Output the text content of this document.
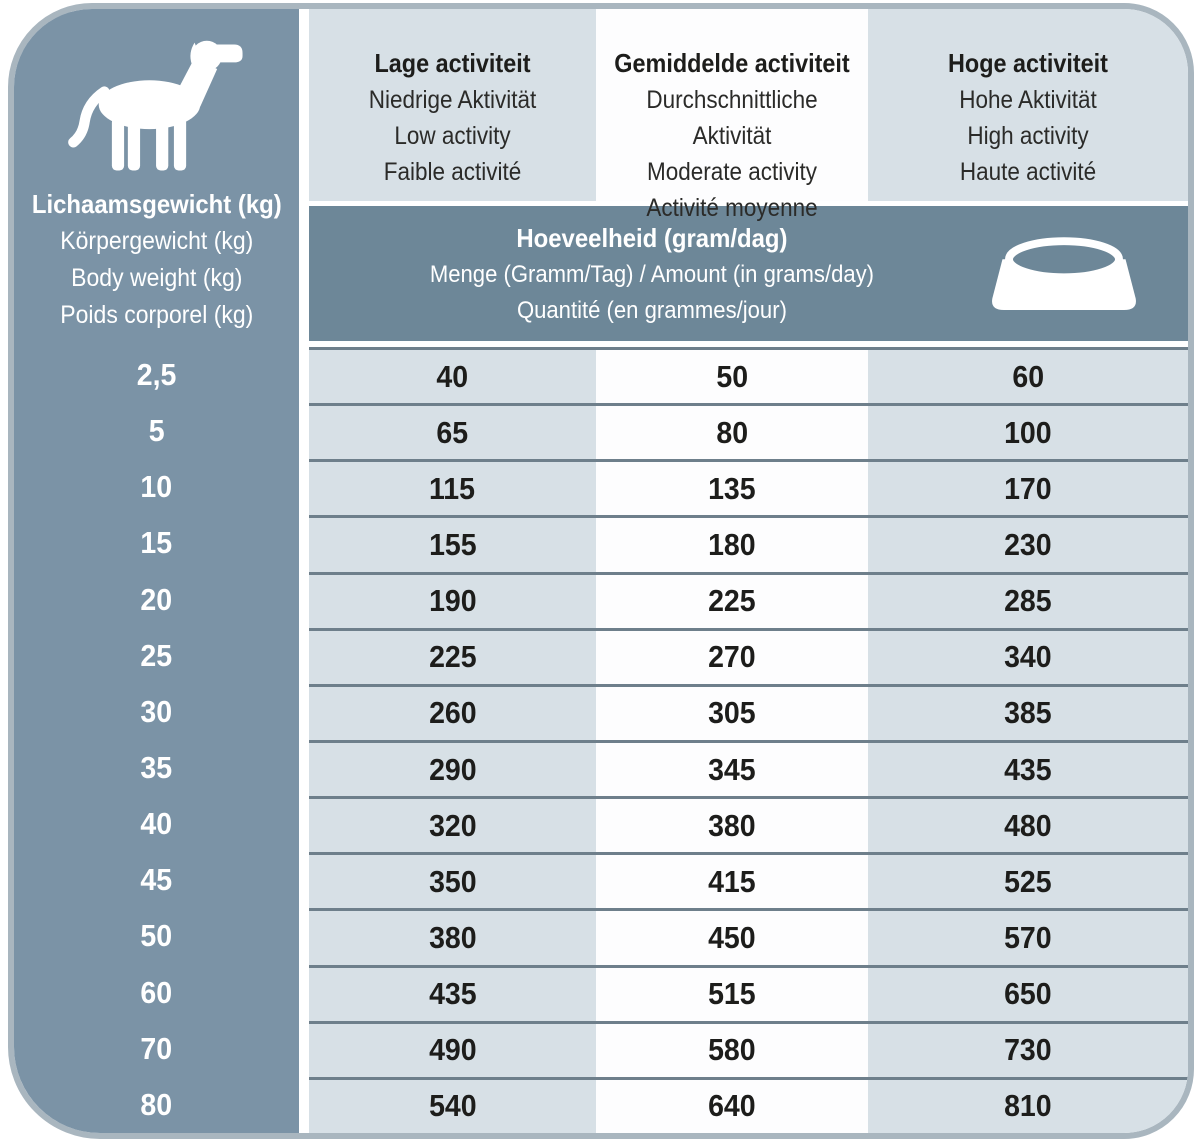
Lichaamsgewicht (kg)
Körpergewicht (kg)
Body weight (kg)
Poids corporel (kg)
Lage activiteit
Niedrige Aktivität
Low activity
Faible activité
Gemiddelde activiteit
Durchschnittliche Aktivität
Moderate activity
Activité moyenne
Hoge activiteit
Hohe Aktivität
High activity
Haute activité
Hoeveelheid (gram/dag)
Menge (Gramm/Tag) / Amount (in grams/day)
Quantité (en grammes/jour)
2,5	40	50	60
5	65	80	100
10	115	135	170
15	155	180	230
20	190	225	285
25	225	270	340
30	260	305	385
35	290	345	435
40	320	380	480
45	350	415	525
50	380	450	570
60	435	515	650
70	490	580	730
80	540	640	810
